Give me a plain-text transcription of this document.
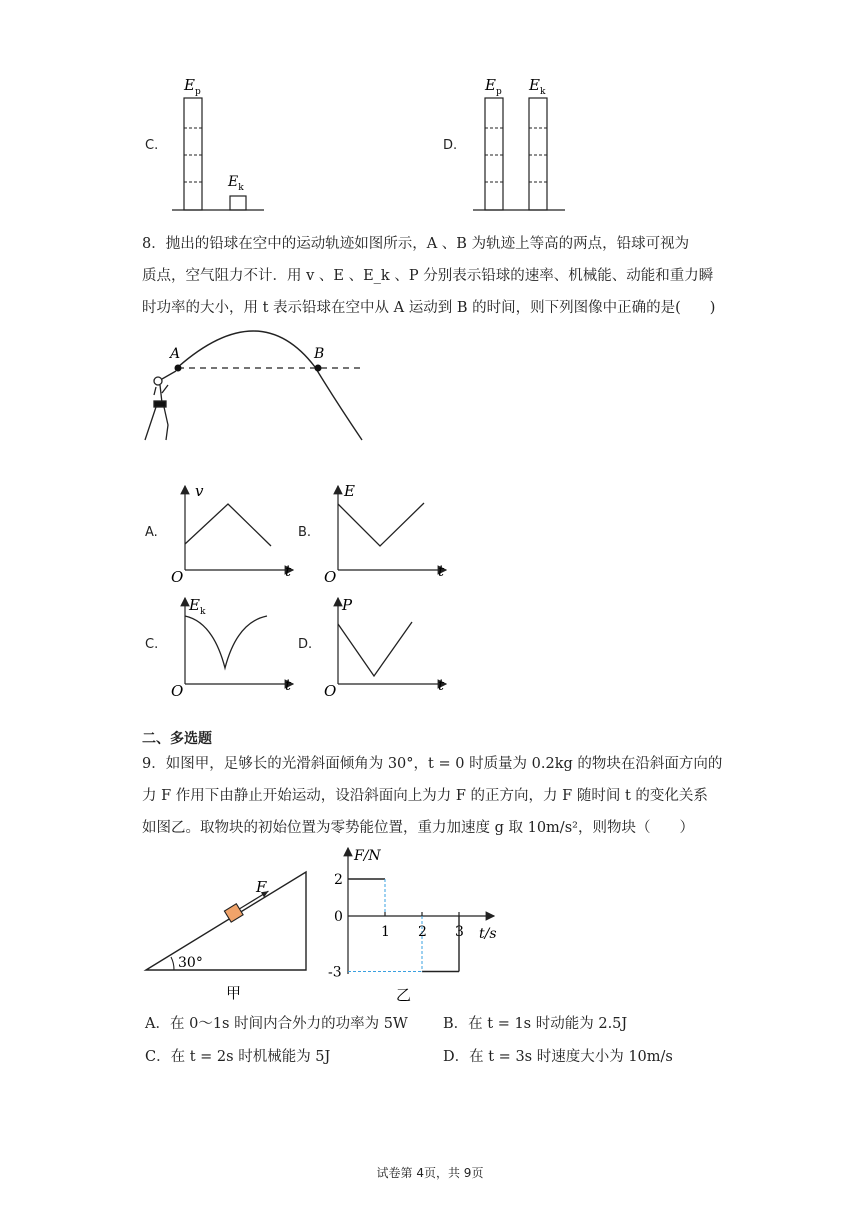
C.
$E_p$
$E_k$
D.
$E_p$ $E_k$
8．抛出的铅球在空中的运动轨迹如图所示，A 、B 为轨迹上等高的两点，铅球可视为
质点，空气阻力不计．用 v 、E 、E_k 、P 分别表示铅球的速率、机械能、动能和重力瞬
时功率的大小，用 t 表示铅球在空中从 A 运动到 B 的时间，则下列图像中正确的是(　　)
A	B
A.
v
O	t
B.
E
O	t
C.
$E_k$
O	t
D.
P
O	t
二、多选题
9．如图甲，足够长的光滑斜面倾角为 30°，t = 0 时质量为 0.2kg 的物块在沿斜面方向的
力 F 作用下由静止开始运动，设沿斜面向上为力 F 的正方向，力 F 随时间 t 的变化关系
如图乙。取物块的初始位置为零势能位置，重力加速度 g 取 10m/s²，则物块（　　）
30°
F
甲
F/N
t/s
0
2
-3
1 2 3
乙
A．在 0～1s 时间内合外力的功率为 5W B．在 t = 1s 时动能为 2.5J
C．在 t = 2s 时机械能为 5J	D．在 t = 3s 时速度大小为 10m/s
试卷第 4页，共 9页
